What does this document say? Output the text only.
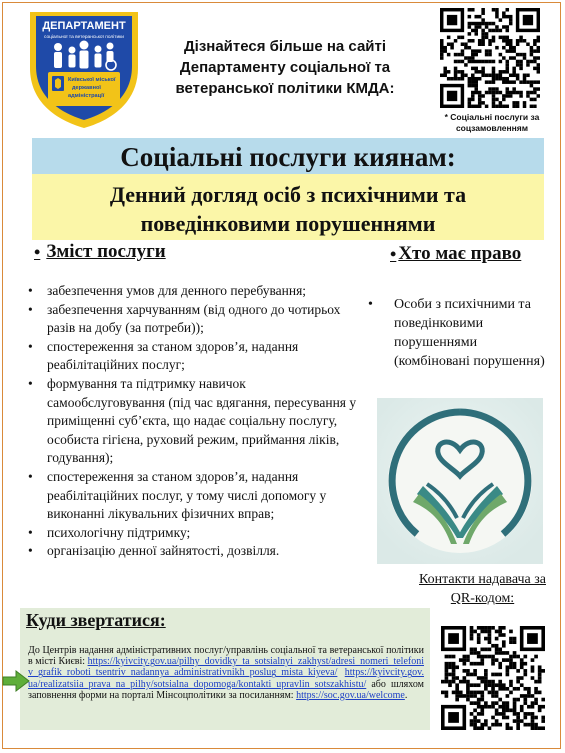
ДЕПАРТАМЕНТ
соціальної та ветеранської політики
Київської міської
державної
адміністрації
Дізнайтеся більше на сайті
Департаменту соціальної та
ветеранської політики КМДА:
* Соціальні послуги за
соцзамовленням
Соціальні послуги киянам:
Денний догляд осіб з психічними та
поведінковими порушеннями
• Зміст послуги	• Хто має право
• забезпечення умов для денного перебування;
• забезпечення харчуванням (від одного до чотирьох разів на добу (за потреби));
• спостереження за станом здоров’я, надання реабілітаційних послуг;
• формування та підтримку навичок самообслуговування (під час вдягання, пересування у приміщенні суб’єкта, що надає соціальну послугу, особиста гігієна, руховий режим, приймання ліків, годування);
• спостереження за станом здоров’я, надання реабілітаційних послуг, у тому числі допомогу у виконанні лікувальних фізичних вправ;
• психологічну підтримку;
• організацію денної зайнятості, дозвілля.
• Особи з психічними та поведінковими порушеннями (комбіновані порушення)
Контакти надавача за
QR-кодом:
Куди звертатися:
До Центрів надання адміністративних послуг/управлінь соціальної та ветеранської політики в місті Києві: https://kyivcity.gov.ua/pilhy_dovidky_ta_sotsialnyi_zakhyst/adresi_nomeri_telefoniv_grafik_roboti_tsentriv_nadannya_administrativnikh_poslug_mista_kiyeva/ https://kyivcity.gov.ua/realizatsiia_prava_na_pilhy/sotsialna_dopomoga/kontakti_upravlin_sotszakhistu/ або шляхом заповнення форми на порталі Мінсоцполітики за посиланням: https://soc.gov.ua/welcome.
